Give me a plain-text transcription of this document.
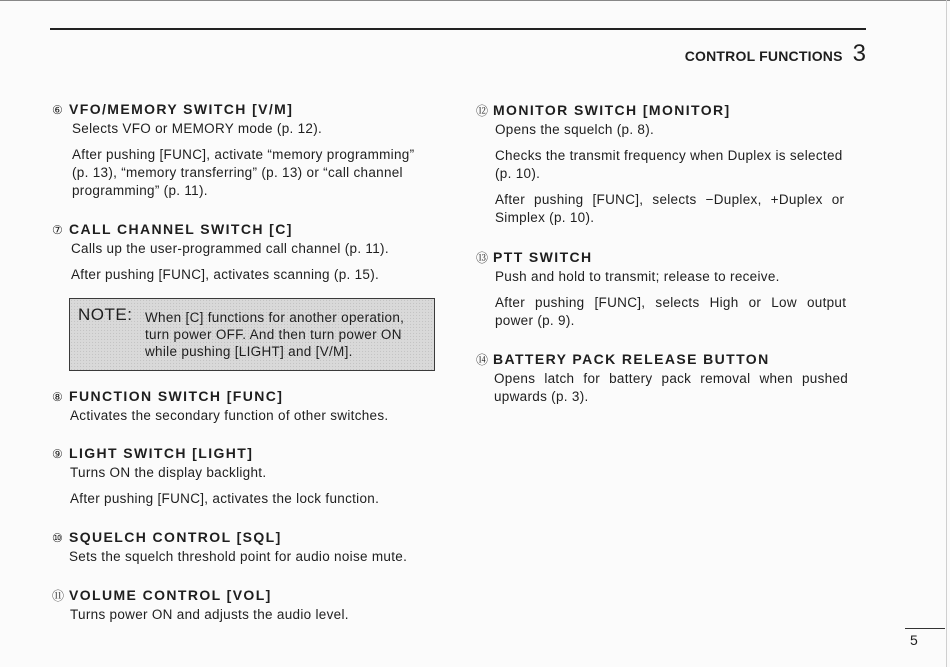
CONTROL FUNCTIONS 3
⑥ VFO/MEMORY SWITCH [V/M]
Selects VFO or MEMORY mode (p. 12).
After pushing [FUNC], activate “memory programming”
(p. 13), “memory transferring” (p. 13) or “call channel
programming” (p. 11).
⑦ CALL CHANNEL SWITCH [C]
Calls up the user-programmed call channel (p. 11).
After pushing [FUNC], activates scanning (p. 15).
NOTE: When [C] functions for another operation,
turn power OFF. And then turn power ON
while pushing [LIGHT] and [V/M].
⑧ FUNCTION SWITCH [FUNC]
Activates the secondary function of other switches.
⑨ LIGHT SWITCH [LIGHT]
Turns ON the display backlight.
After pushing [FUNC], activates the lock function.
⑩ SQUELCH CONTROL [SQL]
Sets the squelch threshold point for audio noise mute.
⑪ VOLUME CONTROL [VOL]
Turns power ON and adjusts the audio level.
⑫ MONITOR SWITCH [MONITOR]
Opens the squelch (p. 8).
Checks the transmit frequency when Duplex is selected
(p. 10).
After pushing [FUNC], selects −Duplex, +Duplex or
Simplex (p. 10).
⑬ PTT SWITCH
Push and hold to transmit; release to receive.
After pushing [FUNC], selects High or Low output
power (p. 9).
⑭ BATTERY PACK RELEASE BUTTON
Opens latch for battery pack removal when pushed
upwards (p. 3).
5
